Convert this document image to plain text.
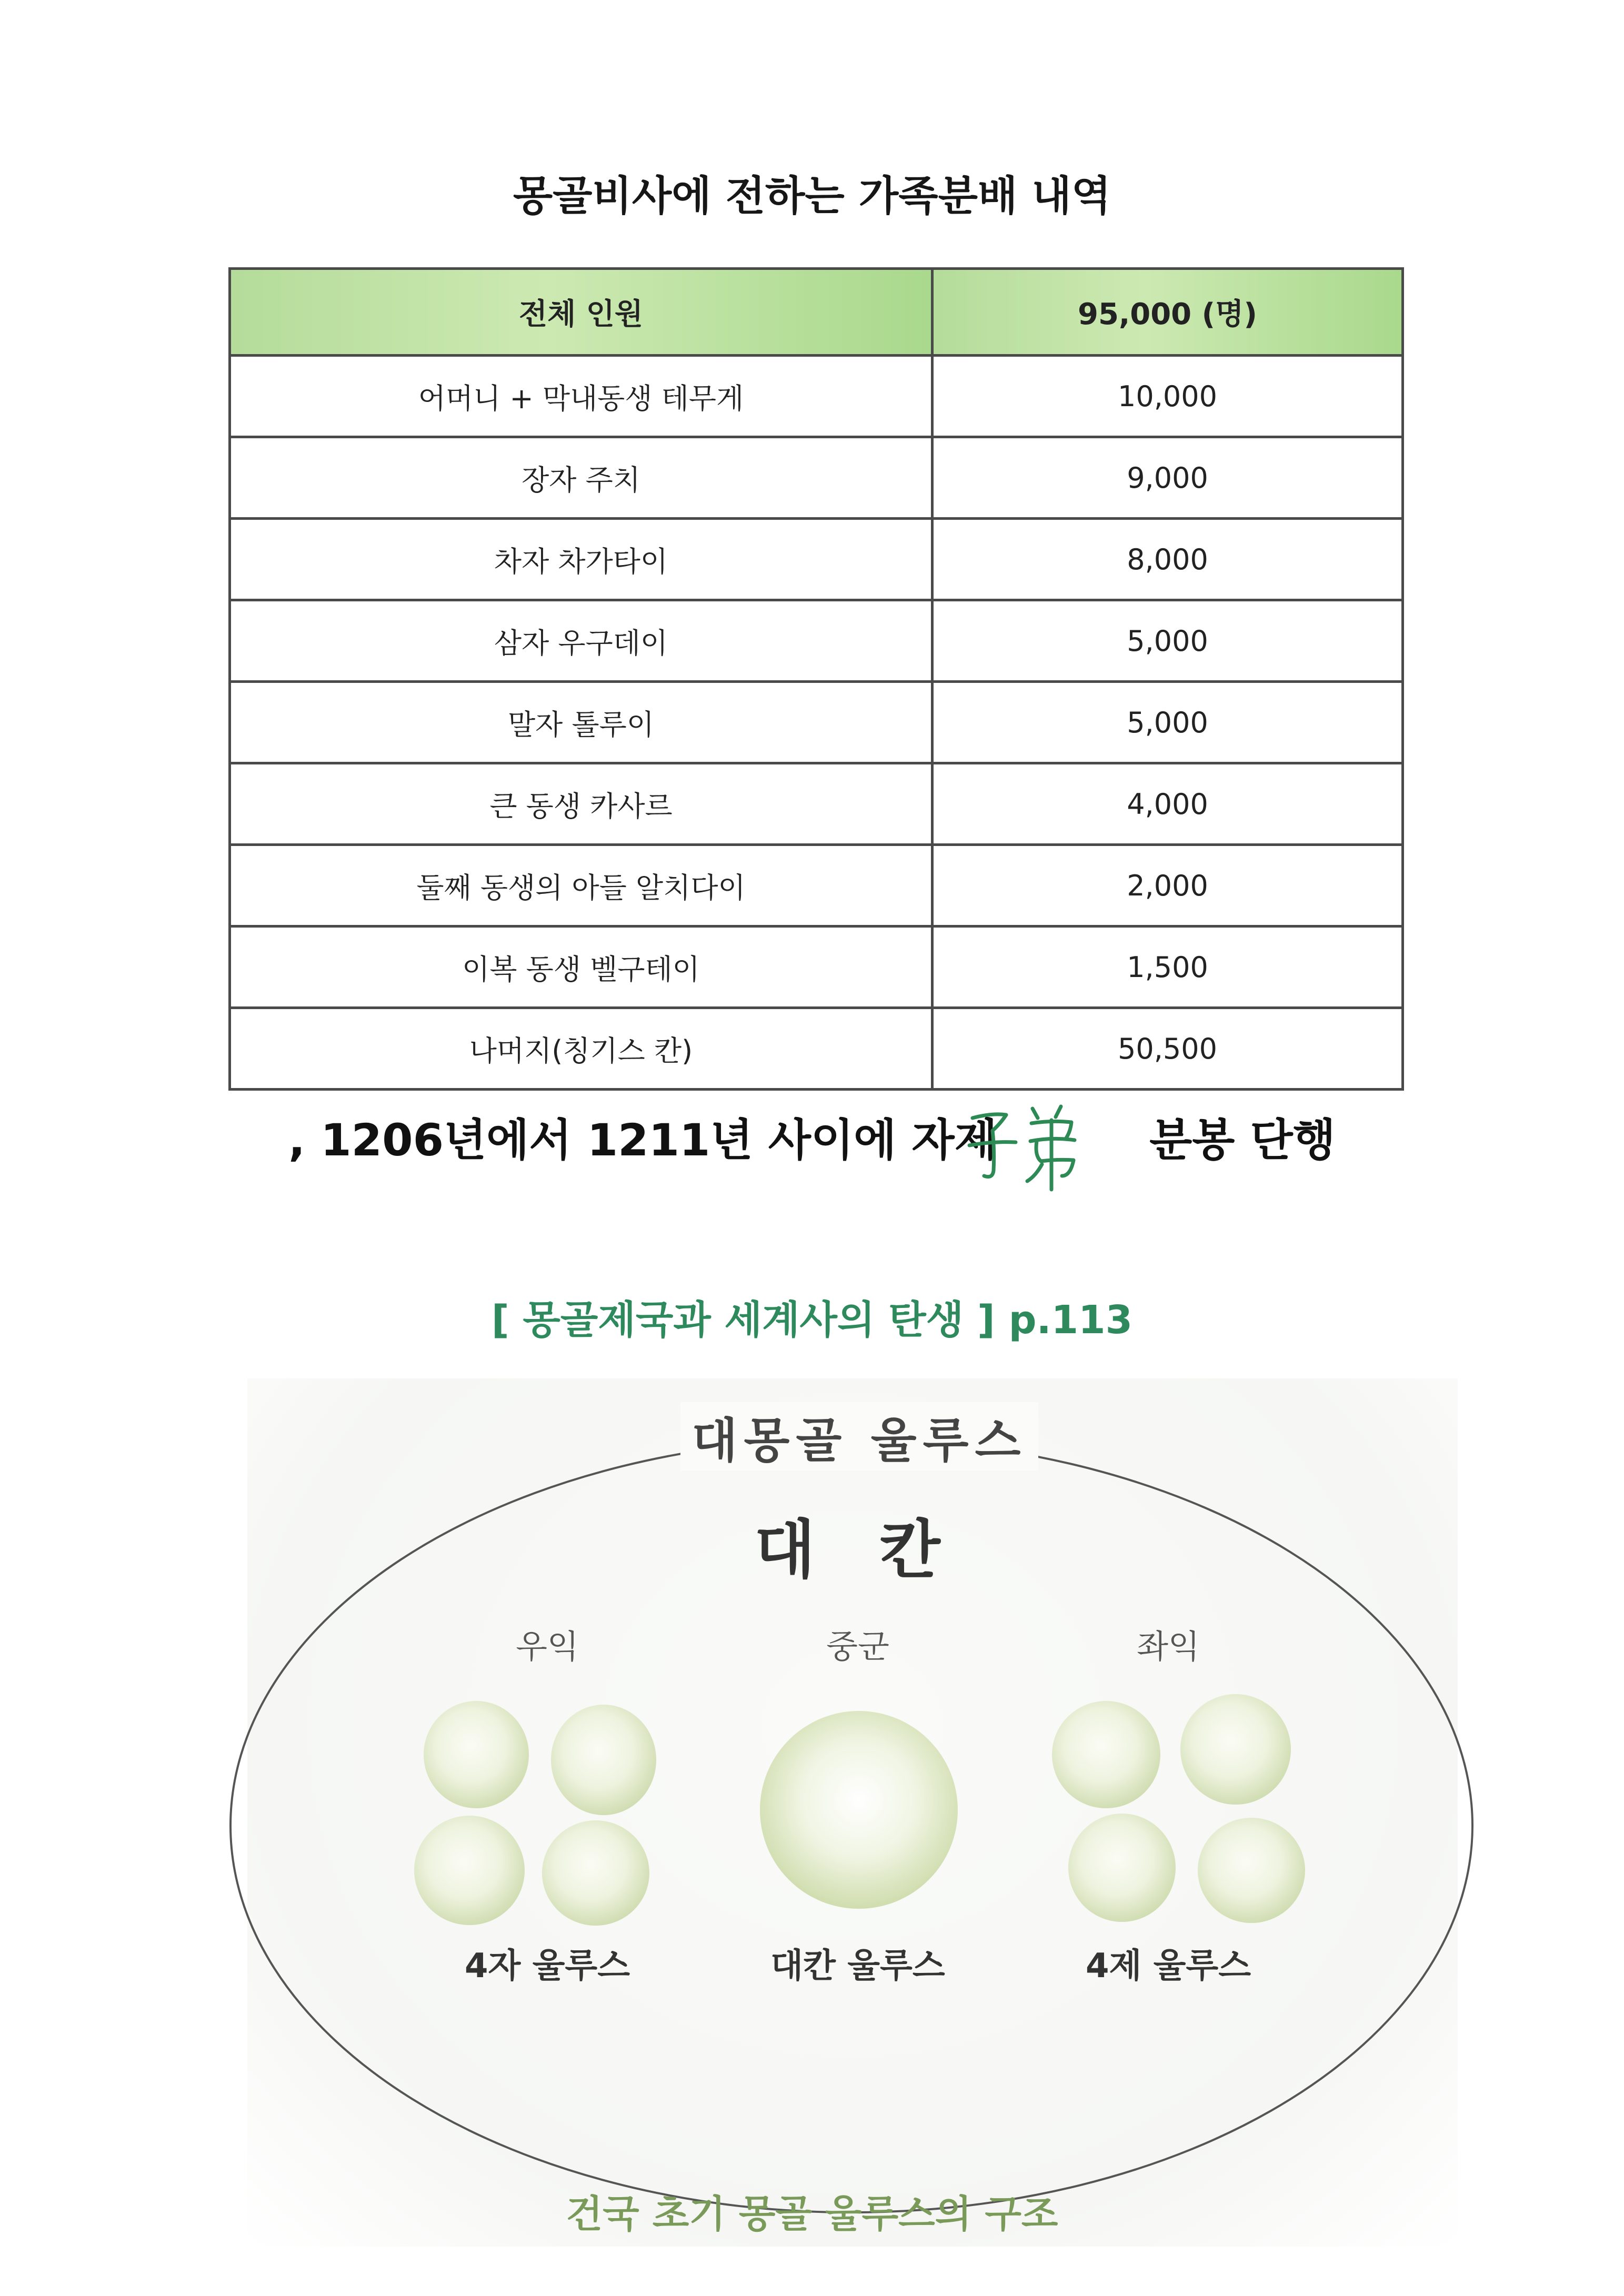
몽골비사에 전하는 가족분배 내역
전체 인원	95,000 (명)
어머니 + 막내동생 테무게	10,000
장자 주치	9,000
차자 차가타이	8,000
삼자 우구데이	5,000
말자 톨루이	5,000
큰 동생 카사르	4,000
둘째 동생의 아들 알치다이	2,000
이복 동생 벨구테이	1,500
나머지(칭기스 칸)	50,500
, 1206년에서 1211년 사이에 자제	분봉 단행
[ 몽골제국과 세계사의 탄생 ] p.113
대몽골 울루스
대 칸
우익	중군	좌익
4자 울루스	대칸 울루스	4제 울루스
건국 초기 몽골 울루스의 구조
